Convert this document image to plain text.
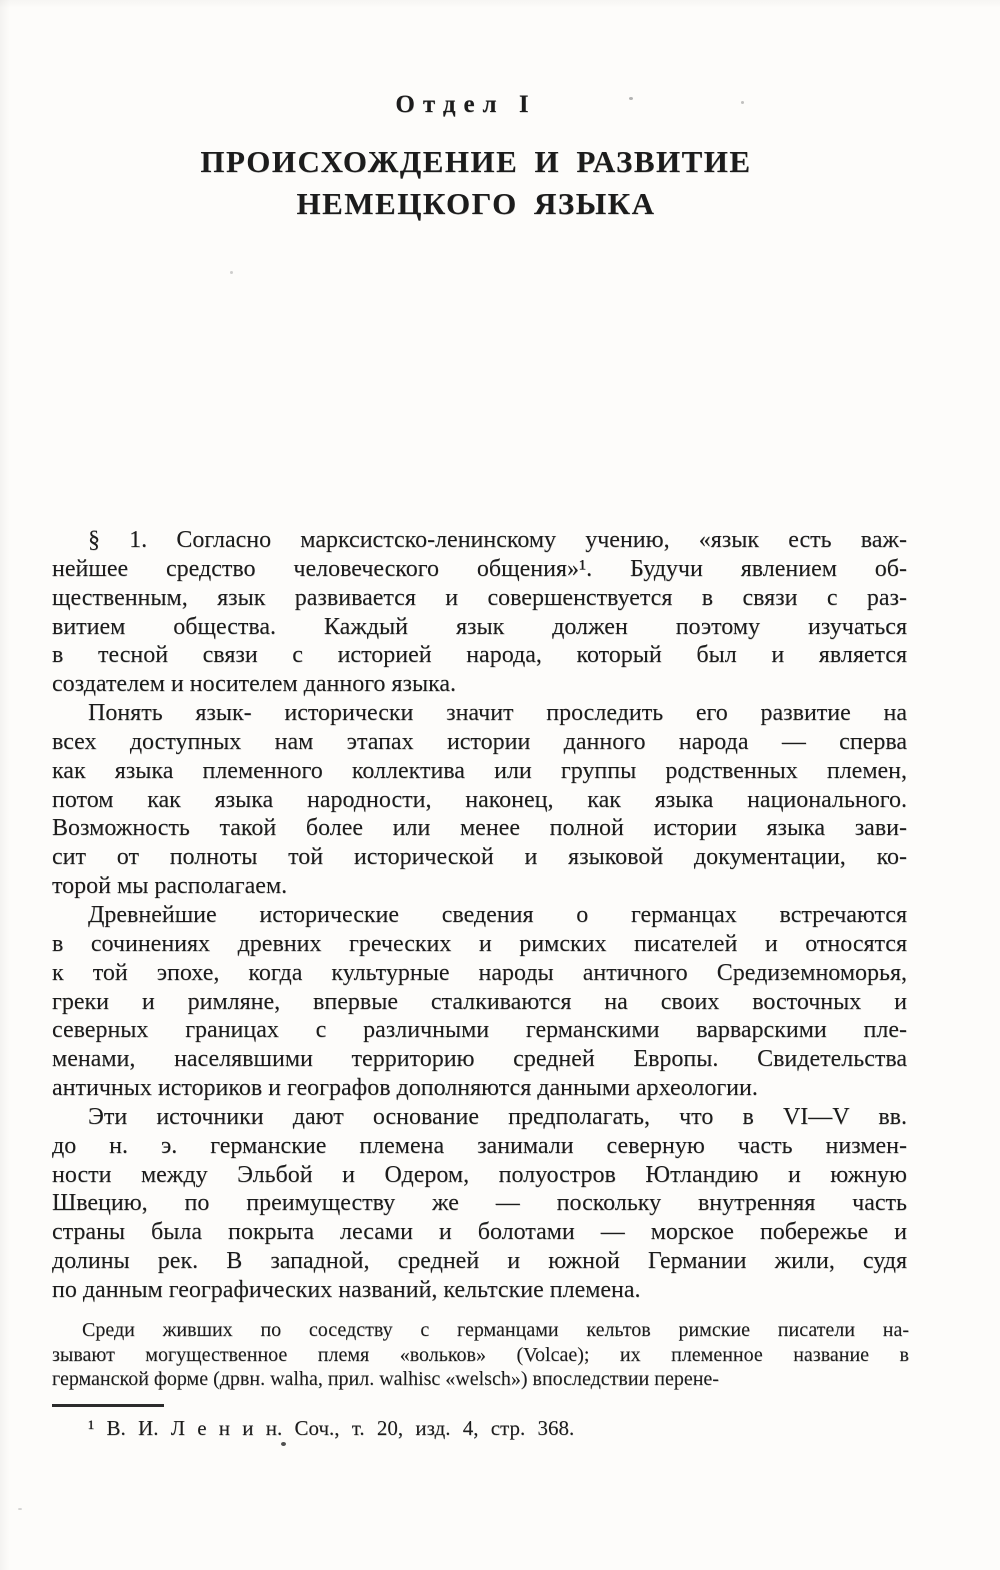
Отдел I
ПРОИСХОЖДЕНИЕ И РАЗВИТИЕ
НЕМЕЦКОГО ЯЗЫКА
§ 1. Согласно марксистско-ленинскому учению, «язык есть важ-
нейшее средство человеческого общения»¹. Будучи явлением об-
щественным, язык развивается и совершенствуется в связи с раз-
витием общества. Каждый язык должен поэтому изучаться
в тесной связи с историей народа, который был и является
создателем и носителем данного языка.
Понять язык- исторически значит проследить его развитие на
всех доступных нам этапах истории данного народа — сперва
как языка племенного коллектива или группы родственных племен,
потом как языка народности, наконец, как языка национального.
Возможность такой более или менее полной истории языка зави-
сит от полноты той исторической и языковой документации, ко-
торой мы располагаем.
Древнейшие исторические сведения о германцах встречаются
в сочинениях древних греческих и римских писателей и относятся
к той эпохе, когда культурные народы античного Средиземноморья,
греки и римляне, впервые сталкиваются на своих восточных и
северных границах с различными германскими варварскими пле-
менами, населявшими территорию средней Европы. Свидетельства
античных историков и географов дополняются данными археологии.
Эти источники дают основание предполагать, что в VI—V вв.
до н. э. германские племена занимали северную часть низмен-
ности между Эльбой и Одером, полуостров Ютландию и южную
Швецию, по преимуществу же — поскольку внутренняя часть
страны была покрыта лесами и болотами — морское побережье и
долины рек. В западной, средней и южной Германии жили, судя
по данным географических названий, кельтские племена.
Среди живших по соседству с германцами кельтов римские писатели на-
зывают могущественное племя «вольков» (Volcae); их племенное название в
германской форме (дрвн. walha, прил. walhisc «welsch») впоследствии перене-
¹ В. И. Л е н и н. Соч., т. 20, изд. 4, стр. 368.
